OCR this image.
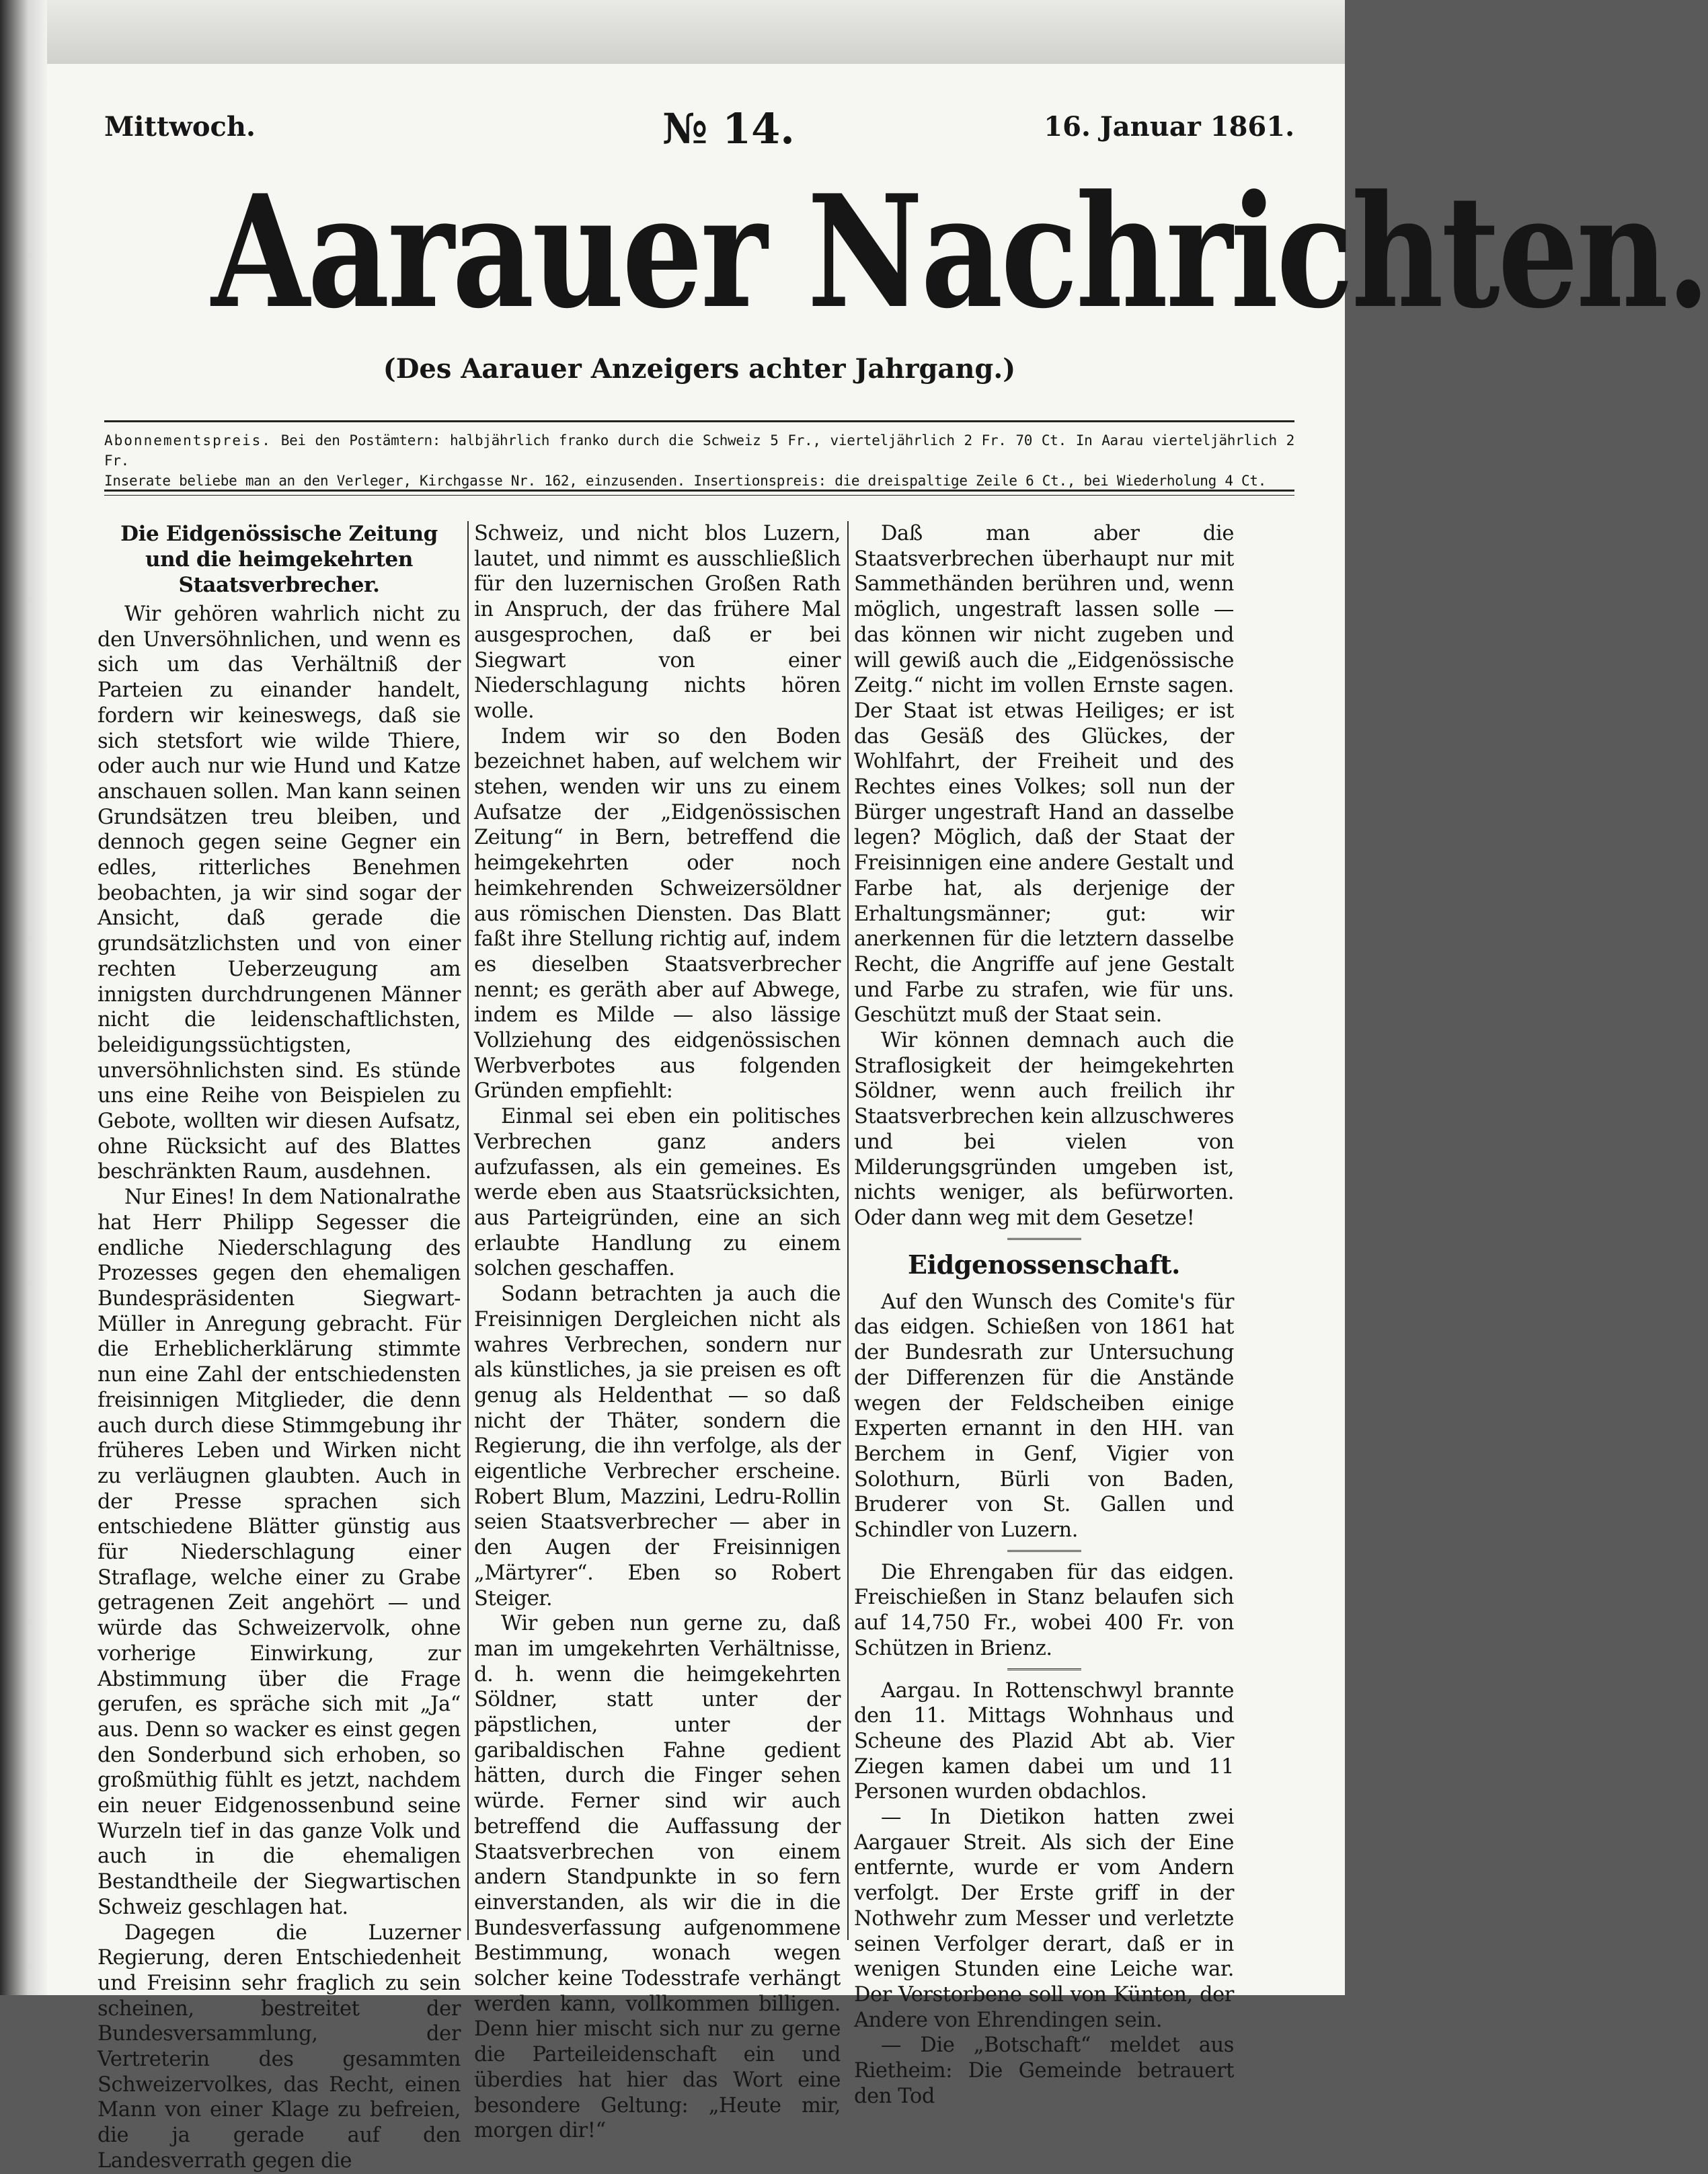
Mittwoch.	№ 14.	16. Januar 1861.
Aarauer Nachrichten.
(Des Aarauer Anzeigers achter Jahrgang.)
Abonnementspreis. Bei den Postämtern: halbjährlich franko durch die Schweiz 5 Fr., vierteljährlich 2 Fr. 70 Ct. In Aarau vierteljährlich 2 Fr.
Inserate beliebe man an den Verleger, Kirchgasse Nr. 162, einzusenden. Insertionspreis: die dreispaltige Zeile 6 Ct., bei Wiederholung 4 Ct.
Die Eidgenössische Zeitung und die heimgekehrten Staatsverbrecher.

Wir gehören wahrlich nicht zu den Unversöhnlichen, und wenn es sich um das Verhältniß der Parteien zu einander handelt, fordern wir keineswegs, daß sie sich stetsfort wie wilde Thiere, oder auch nur wie Hund und Katze anschauen sollen. Man kann seinen Grundsätzen treu bleiben, und dennoch gegen seine Gegner ein edles, ritterliches Benehmen beobachten, ja wir sind sogar der Ansicht, daß gerade die grundsätzlichsten und von einer rechten Ueberzeugung am innigsten durchdrungenen Männer nicht die leidenschaftlichsten, beleidigungssüchtigsten, unversöhnlichsten sind. Es stünde uns eine Reihe von Beispielen zu Gebote, wollten wir diesen Aufsatz, ohne Rücksicht auf des Blattes beschränkten Raum, ausdehnen.

Nur Eines! In dem Nationalrathe hat Herr Philipp Segesser die endliche Niederschlagung des Prozesses gegen den ehemaligen Bundespräsidenten Siegwart-Müller in Anregung gebracht. Für die Erheblicherklärung stimmte nun eine Zahl der entschiedensten freisinnigen Mitglieder, die denn auch durch diese Stimmgebung ihr früheres Leben und Wirken nicht zu verläugnen glaubten. Auch in der Presse sprachen sich entschiedene Blätter günstig aus für Niederschlagung einer Straflage, welche einer zu Grabe getragenen Zeit angehört — und würde das Schweizervolk, ohne vorherige Einwirkung, zur Abstimmung über die Frage gerufen, es spräche sich mit „Ja“ aus. Denn so wacker es einst gegen den Sonderbund sich erhoben, so großmüthig fühlt es jetzt, nachdem ein neuer Eidgenossenbund seine Wurzeln tief in das ganze Volk und auch in die ehemaligen Bestandtheile der Siegwartischen Schweiz geschlagen hat.

Dagegen die Luzerner Regierung, deren Entschiedenheit und Freisinn sehr fraglich zu sein scheinen, bestreitet der Bundesversammlung, der Vertreterin des gesammten Schweizervolkes, das Recht, einen Mann von einer Klage zu befreien, die ja gerade auf den Landesverrath gegen die

Schweiz, und nicht blos Luzern, lautet, und nimmt es ausschließlich für den luzernischen Großen Rath in Anspruch, der das frühere Mal ausgesprochen, daß er bei Siegwart von einer Niederschlagung nichts hören wolle.

Indem wir so den Boden bezeichnet haben, auf welchem wir stehen, wenden wir uns zu einem Aufsatze der „Eidgenössischen Zeitung“ in Bern, betreffend die heimgekehrten oder noch heimkehrenden Schweizersöldner aus römischen Diensten. Das Blatt faßt ihre Stellung richtig auf, indem es dieselben Staatsverbrecher nennt; es geräth aber auf Abwege, indem es Milde — also lässige Vollziehung des eidgenössischen Werbverbotes aus folgenden Gründen empfiehlt:

Einmal sei eben ein politisches Verbrechen ganz anders aufzufassen, als ein gemeines. Es werde eben aus Staatsrücksichten, aus Parteigründen, eine an sich erlaubte Handlung zu einem solchen geschaffen.

Sodann betrachten ja auch die Freisinnigen Dergleichen nicht als wahres Verbrechen, sondern nur als künstliches, ja sie preisen es oft genug als Heldenthat — so daß nicht der Thäter, sondern die Regierung, die ihn verfolge, als der eigentliche Verbrecher erscheine. Robert Blum, Mazzini, Ledru-Rollin seien Staatsverbrecher — aber in den Augen der Freisinnigen „Märtyrer“. Eben so Robert Steiger.

Wir geben nun gerne zu, daß man im umgekehrten Verhältnisse, d. h. wenn die heimgekehrten Söldner, statt unter der päpstlichen, unter der garibaldischen Fahne gedient hätten, durch die Finger sehen würde. Ferner sind wir auch betreffend die Auffassung der Staatsverbrechen von einem andern Standpunkte in so fern einverstanden, als wir die in die Bundesverfassung aufgenommene Bestimmung, wonach wegen solcher keine Todesstrafe verhängt werden kann, vollkommen billigen. Denn hier mischt sich nur zu gerne die Parteileidenschaft ein und überdies hat hier das Wort eine besondere Geltung: „Heute mir, morgen dir!“

Daß man aber die Staatsverbrechen überhaupt nur mit Sammethänden berühren und, wenn möglich, ungestraft lassen solle — das können wir nicht zugeben und will gewiß auch die „Eidgenössische Zeitg.“ nicht im vollen Ernste sagen. Der Staat ist etwas Heiliges; er ist das Gesäß des Glückes, der Wohlfahrt, der Freiheit und des Rechtes eines Volkes; soll nun der Bürger ungestraft Hand an dasselbe legen? Möglich, daß der Staat der Freisinnigen eine andere Gestalt und Farbe hat, als derjenige der Erhaltungsmänner; gut: wir anerkennen für die letztern dasselbe Recht, die Angriffe auf jene Gestalt und Farbe zu strafen, wie für uns. Geschützt muß der Staat sein.

Wir können demnach auch die Straflosigkeit der heimgekehrten Söldner, wenn auch freilich ihr Staatsverbrechen kein allzuschweres und bei vielen von Milderungsgründen umgeben ist, nichts weniger, als befürworten. Oder dann weg mit dem Gesetze!

Eidgenossenschaft.

Auf den Wunsch des Comite's für das eidgen. Schießen von 1861 hat der Bundesrath zur Untersuchung der Differenzen für die Anstände wegen der Feldscheiben einige Experten ernannt in den HH. van Berchem in Genf, Vigier von Solothurn, Bürli von Baden, Bruderer von St. Gallen und Schindler von Luzern.

Die Ehrengaben für das eidgen. Freischießen in Stanz belaufen sich auf 14,750 Fr., wobei 400 Fr. von Schützen in Brienz.

Aargau. In Rottenschwyl brannte den 11. Mittags Wohnhaus und Scheune des Plazid Abt ab. Vier Ziegen kamen dabei um und 11 Personen wurden obdachlos.

— In Dietikon hatten zwei Aargauer Streit. Als sich der Eine entfernte, wurde er vom Andern verfolgt. Der Erste griff in der Nothwehr zum Messer und verletzte seinen Verfolger derart, daß er in wenigen Stunden eine Leiche war. Der Verstorbene soll von Künten, der Andere von Ehrendingen sein.

— Die „Botschaft“ meldet aus Rietheim: Die Gemeinde betrauert den Tod
